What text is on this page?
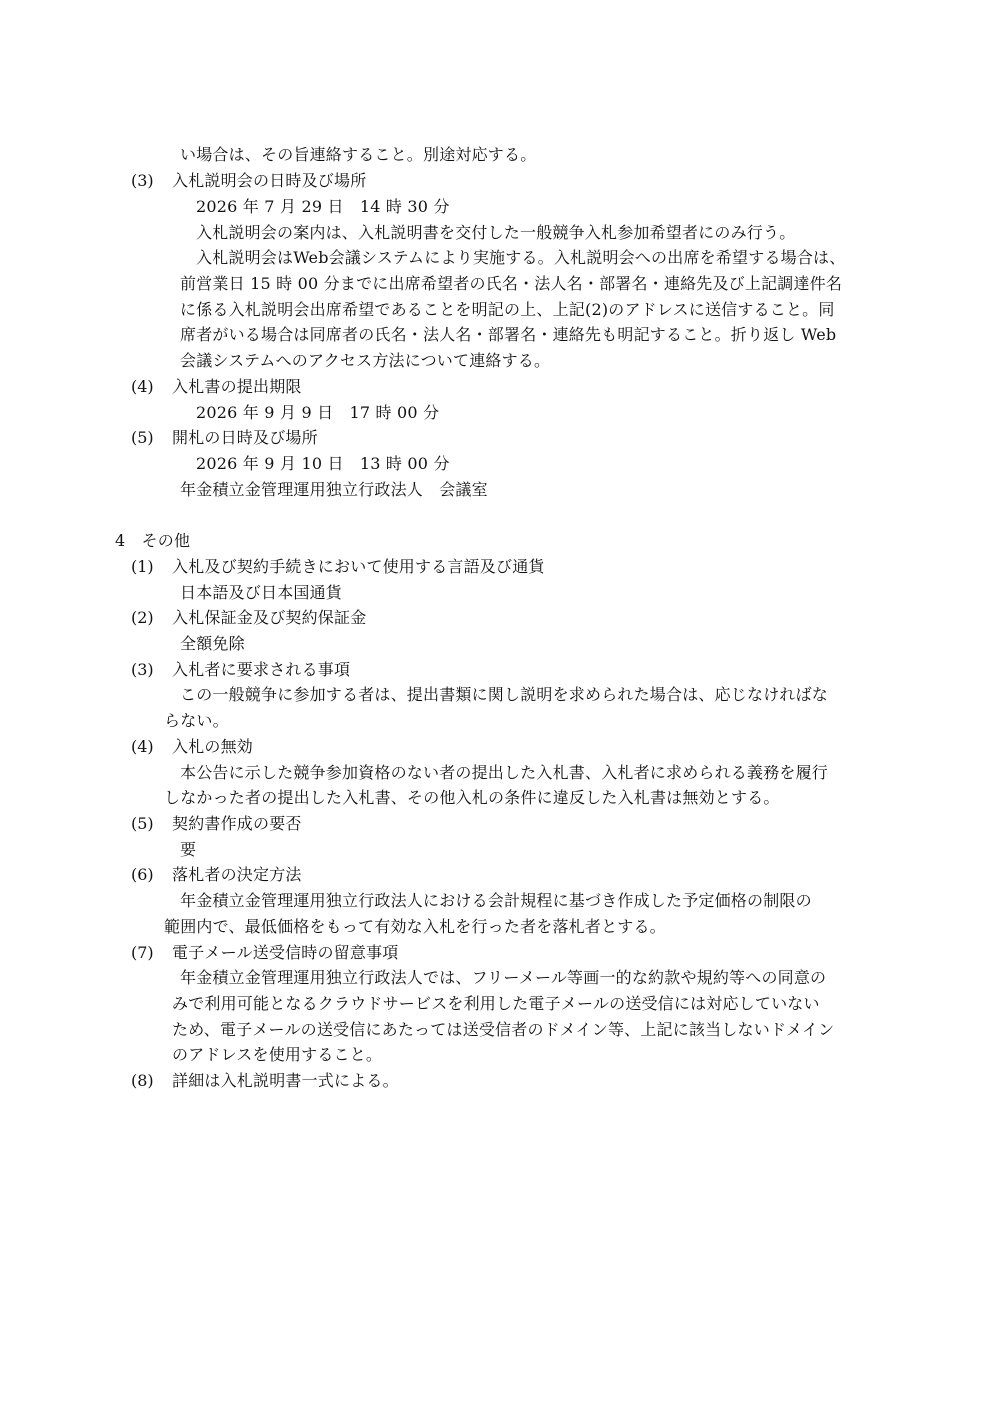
い場合は、その旨連絡すること。別途対応する。
(3) 入札説明会の日時及び場所
2026 年 7 月 29 日　14 時 30 分
入札説明会の案内は、入札説明書を交付した一般競争入札参加希望者にのみ行う。
入札説明会はWeb会議システムにより実施する。入札説明会への出席を希望する場合は、
前営業日 15 時 00 分までに出席希望者の氏名・法人名・部署名・連絡先及び上記調達件名
に係る入札説明会出席希望であることを明記の上、上記(2)のアドレスに送信すること。同
席者がいる場合は同席者の氏名・法人名・部署名・連絡先も明記すること。折り返し Web
会議システムへのアクセス方法について連絡する。
(4) 入札書の提出期限
2026 年 9 月 9 日　17 時 00 分
(5) 開札の日時及び場所
2026 年 9 月 10 日　13 時 00 分
年金積立金管理運用独立行政法人　会議室
4　その他
(1) 入札及び契約手続きにおいて使用する言語及び通貨
日本語及び日本国通貨
(2) 入札保証金及び契約保証金
全額免除
(3) 入札者に要求される事項
この一般競争に参加する者は、提出書類に関し説明を求められた場合は、応じなければな
らない。
(4) 入札の無効
本公告に示した競争参加資格のない者の提出した入札書、入札者に求められる義務を履行
しなかった者の提出した入札書、その他入札の条件に違反した入札書は無効とする。
(5) 契約書作成の要否
要
(6) 落札者の決定方法
年金積立金管理運用独立行政法人における会計規程に基づき作成した予定価格の制限の
範囲内で、最低価格をもって有効な入札を行った者を落札者とする。
(7) 電子メール送受信時の留意事項
年金積立金管理運用独立行政法人では、フリーメール等画一的な約款や規約等への同意の
みで利用可能となるクラウドサービスを利用した電子メールの送受信には対応していない
ため、電子メールの送受信にあたっては送受信者のドメイン等、上記に該当しないドメイン
のアドレスを使用すること。
(8) 詳細は入札説明書一式による。
